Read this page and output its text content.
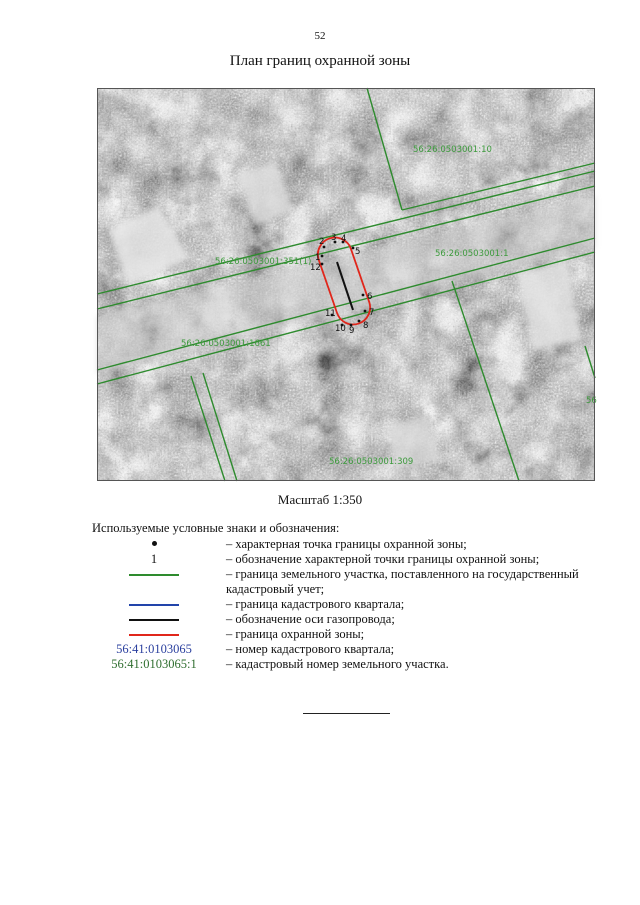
52
План границ охранной зоны
1
2 3 4
5
6
7
8
9
10
11
12
56:26:0503001:10
56:26:0503001:351(1)
56:26:0503001:1
56:26:0503001:1661
56:26:0503001:309
56
Масштаб 1:350
Используемые условные знаки и обозначения:
– характерная точка границы охранной зоны;
1	– обозначение характерной точки границы охранной зоны;
– граница земельного участка, поставленного на государственный кадастровый учет;
– граница кадастрового квартала;
– обозначение оси газопровода;
– граница охранной зоны;
56:41:0103065	– номер кадастрового квартала;
56:41:0103065:1	– кадастровый номер земельного участка.
